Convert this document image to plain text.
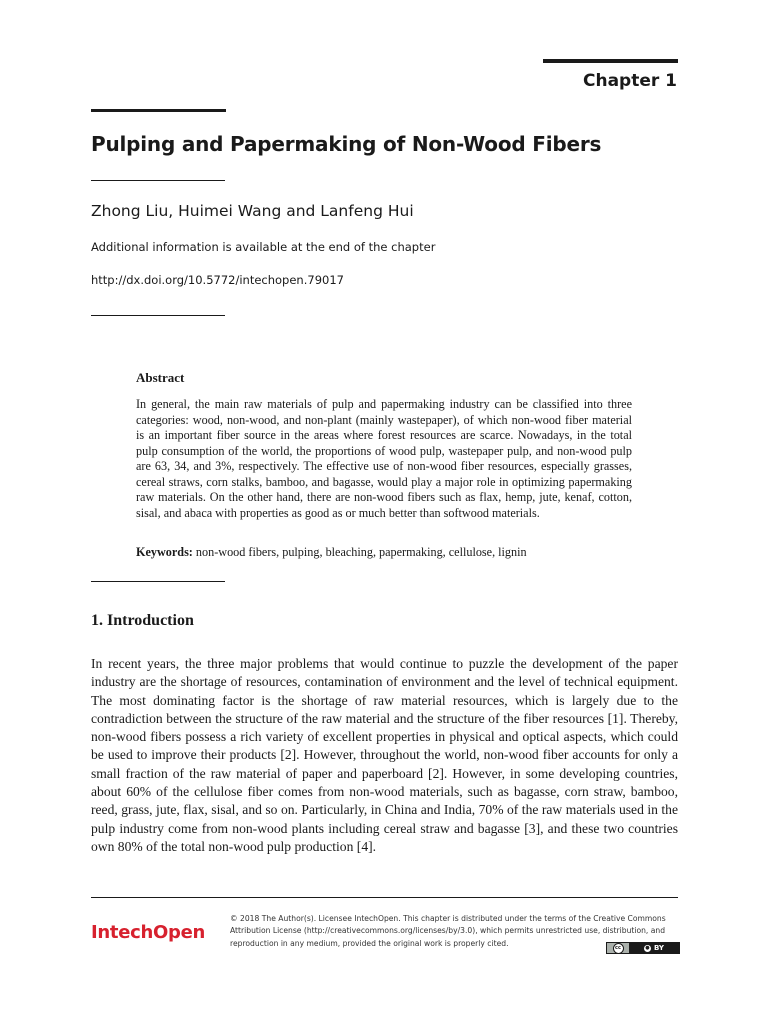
Chapter 1
Pulping and Papermaking of Non-Wood Fibers
Zhong Liu, Huimei Wang and Lanfeng Hui
Additional information is available at the end of the chapter
http://dx.doi.org/10.5772/intechopen.79017
Abstract
In general, the main raw materials of pulp and papermaking industry can be classified into three categories: wood, non-wood, and non-plant (mainly wastepaper), of which non-wood fiber material is an important fiber source in the areas where forest resources are scarce. Nowadays, in the total pulp consumption of the world, the proportions of wood pulp, wastepaper pulp, and non-wood pulp are 63, 34, and 3%, respectively. The effective use of non-wood fiber resources, especially grasses, cereal straws, corn stalks, bamboo, and bagasse, would play a major role in optimizing papermaking raw materials. On the other hand, there are non-wood fibers such as flax, hemp, jute, kenaf, cotton, sisal, and abaca with properties as good as or much better than softwood materials.
Keywords: non-wood fibers, pulping, bleaching, papermaking, cellulose, lignin
1. Introduction
In recent years, the three major problems that would continue to puzzle the development of the paper industry are the shortage of resources, contamination of environment and the level of technical equipment. The most dominating factor is the shortage of raw material resources, which is largely due to the contradiction between the structure of the raw material and the structure of the fiber resources [1]. Thereby, non-wood fibers possess a rich variety of excellent properties in physical and optical aspects, which could be used to improve their products [2]. However, throughout the world, non-wood fiber accounts for only a small fraction of the raw material of paper and paperboard [2]. However, in some developing countries, about 60% of the cellulose fiber comes from non-wood materials, such as bagasse, corn straw, bamboo, reed, grass, jute, flax, sisal, and so on. Particularly, in China and India, 70% of the raw materials used in the pulp industry come from non-wood plants including cereal straw and bagasse [3], and these two countries own 80% of the total non-wood pulp production [4].
IntechOpen
© 2018 The Author(s). Licensee IntechOpen. This chapter is distributed under the terms of the Creative Commons Attribution License (http://creativecommons.org/licenses/by/3.0), which permits unrestricted use, distribution, and reproduction in any medium, provided the original work is properly cited.	cc	● BY
